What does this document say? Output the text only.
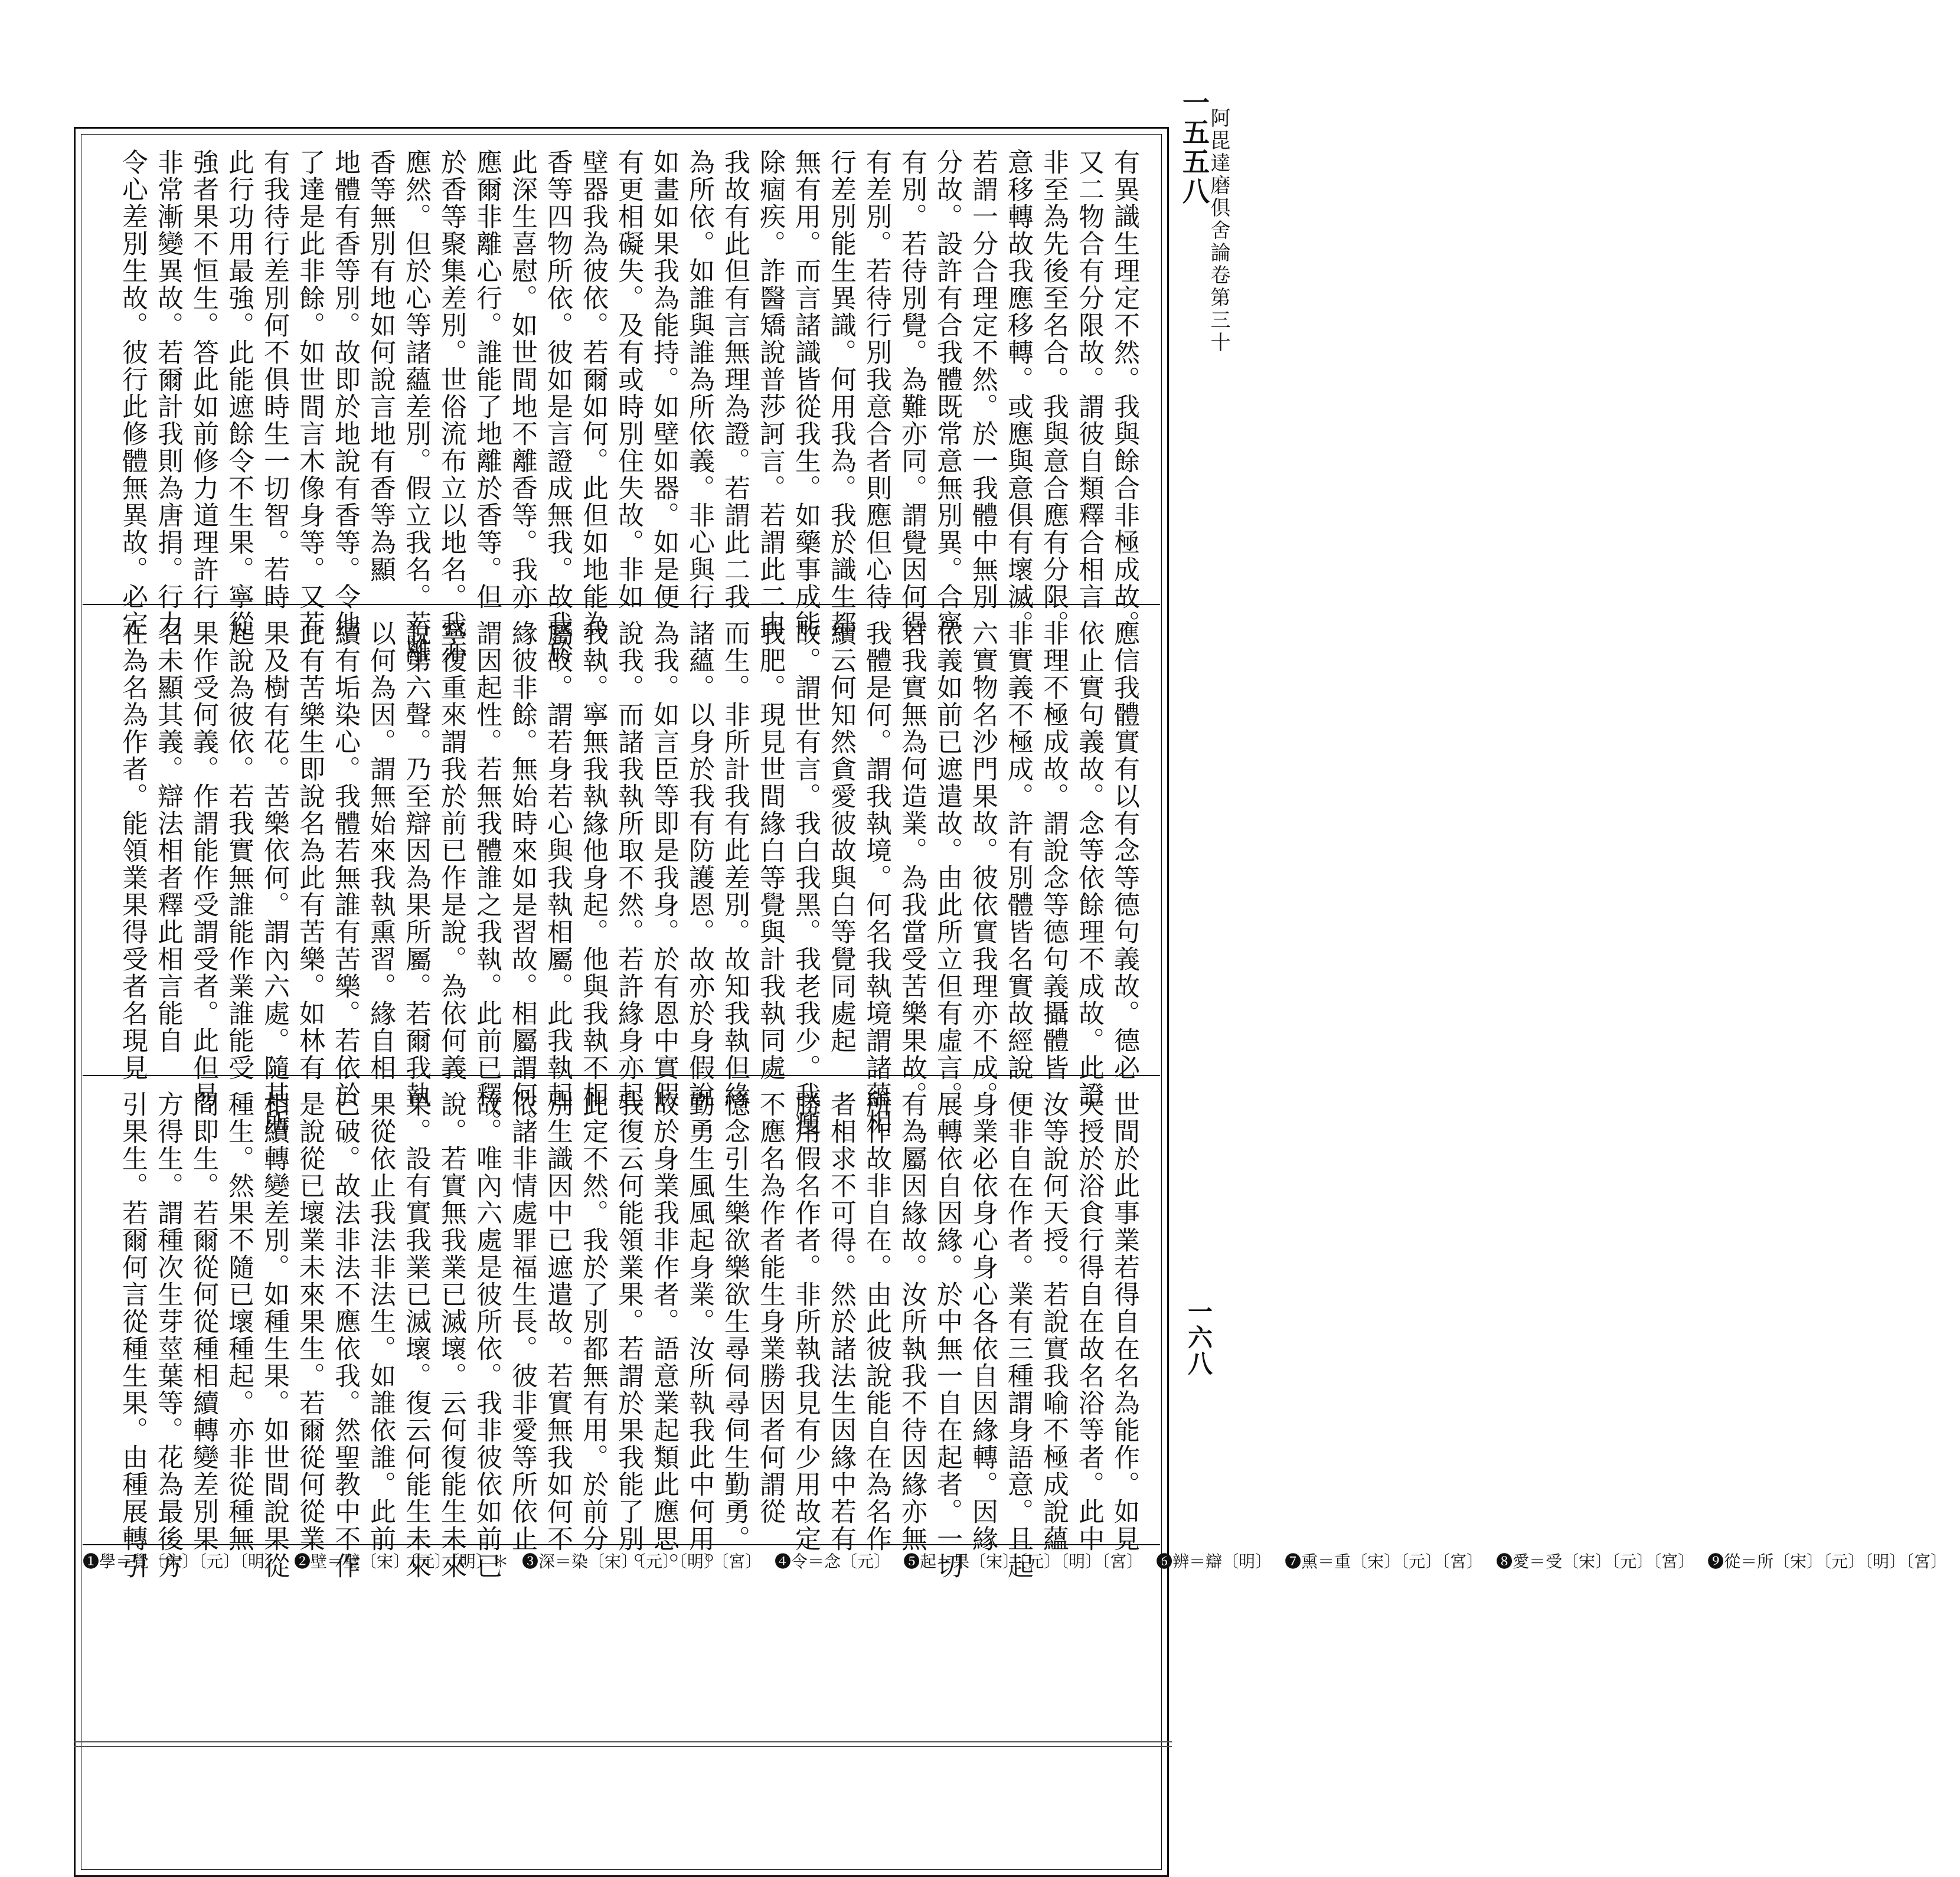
一五五八
阿毘達磨俱舍論卷第三十
一六八
有異識生理定不然。我與餘合非極成故。
又二物合有分限故。謂彼自類釋合相言
非至為先後至名合。我與意合應有分限。
意移轉故我應移轉。或應與意俱有壞滅。
若謂一分合理定不然。於一我體中無別
分故。設許有合我體既常意無別異。合寧
有別。若待別覺。為難亦同。謂覺因何得
有差別。若待行別我意合者則應但心待
行差別能生異識。何用我為。我於識生都
無有用。而言諸識皆從我生。如藥事成能
除痼疾。詐醫矯說普莎訶言。若謂此二由
我故有此但有言無理為證。若謂此二我
為所依。如誰與誰為所依義。非心與行
如畫如果我為能持。如壁如器。如是便
有更相礙失。及有或時別住失故。非如
壁器我為彼依。若爾如何。此但如地能為
香等四物所依。彼如是言證成無我。故我於
此深生喜慰。如世間地不離香等。我亦
應爾非離心行。誰能了地離於香等。但
於香等聚集差別。世俗流布立以地名。我亦
應然。但於心等諸蘊差別。假立我名。若離
香等無別有地如何說言地有香等為顯
地體有香等別。故即於地說有香等。令他
了達是此非餘。如世間言木像身等。又若
有我待行差別何不俱時生一切智。若時
此行功用最強。此能遮餘令不生果。寧從
強者果不恒生。答此如前修力道理許行
非常漸變異故。若爾計我則為唐捐。行力
令心差別生故。彼行此修體無異故。必定
應信我體實有以有念等德句義故。德必
依止實句義故。念等依餘理不成故。此證
非理不極成故。謂說念等德句義攝體皆
非實義不極成。許有別體皆名實故經說
六實物名沙門果故。彼依實我理亦不成。
依義如前已遮遣故。由此所立但有虛言。
若我實無為何造業。為我當受苦樂果故。
我體是何。謂我執境。何名我執境謂諸蘊相
續云何知然貪愛彼故與白等覺同處起
故。謂世有言。我白我黑。我老我少。我瘦
我肥。現見世間緣白等覺與計我執同處
而生。非所計我有此差別。故知我執但緣
諸蘊。以身於我有防護恩。故亦於身假說
為我。如言臣等即是我身。於有恩中實假
說我。而諸我執所取不然。若許緣身亦起
我執。寧無我執緣他身起。他與我執不相
屬故。謂若身若心與我執相屬。此我執起
緣彼非餘。無始時來如是習故。相屬謂何。
謂因起性。若無我體誰之我執。此前已釋。
寧復重來謂我於前已作是說。為依何義
說第六聲。乃至辯因為果所屬。若爾我執
以何為因。謂無始來我執熏習。緣自相
續有垢染心。我體若無誰有苦樂。若依於
此有苦樂生即說名為此有苦樂。如林有
果及樹有花。苦樂依何。謂內六處。隨其所
起說為彼依。若我實無誰能作業誰能受
果作受何義。作謂能作受謂受者。此但易
名未顯其義。辯法相者釋此相言能自
在為名為作者。能領業果得受者名現見
世間於此事業若得自在名為能作。如見
天授於浴食行得自在故名浴等者。此中
汝等說何天授。若說實我喻不極成說蘊
便非自在作者。業有三種謂身語意。且起
身業必依身心身心各依自因緣轉。因緣
展轉依自因緣。於中無一自在起者。一切
有為屬因緣故。汝所執我不待因緣亦無
所作故非自在。由此彼說能自在為名作
者相求不可得。然於諸法生因緣中若有
勝用假名作者。非所執我見有少用故定
不應名為作者能生身業勝因者何謂從
憶念引生樂欲樂欲生尋伺尋伺生勤勇。
勤勇生風風起身業。汝所執我此中何用。
故於身業我非作者。語意業起類此應思。
我復云何能領業果。若謂於果我能了別。
此定不然。我於了別都無有用。於前分
別生識因中已遮遣故。若實無我如何不
依諸非情處罪福生長。彼非愛等所依止
故。唯內六處是彼所依。我非彼依如前已
說。若實無我業已滅壞。云何復能生未來
果。設有實我業已滅壞。復云何能生未來
果從依止我法非法生。如誰依誰。此前
已破。故法非法不應依我。然聖教中不作
是說從已壞業未來果生。若爾從何從業
相續轉變差別。如種生果。如世間說果從
種生。然果不隨已壞種起。亦非從種無
間即生。若爾從何從種相續轉變差別果
方得生。謂種次生芽莖葉等。花為最後方
引果生。若爾何言從種生果。由種展轉引
❶學＝覺〔宋〕〔元〕〔明〕 ❷壁＝璧〔宋〕〔元〕〔明〕＊ ❸深＝染〔宋〕〔元〕〔明〕〔宮〕 ❹令＝念〔元〕 ❺起＝果〔宋〕〔元〕〔明〕〔宮〕 ❻辨＝辯〔明〕 ❼熏＝重〔宋〕〔元〕〔宮〕 ❽愛＝受〔宋〕〔元〕〔宮〕 ❾從＝所〔宋〕〔元〕〔明〕〔宮〕
